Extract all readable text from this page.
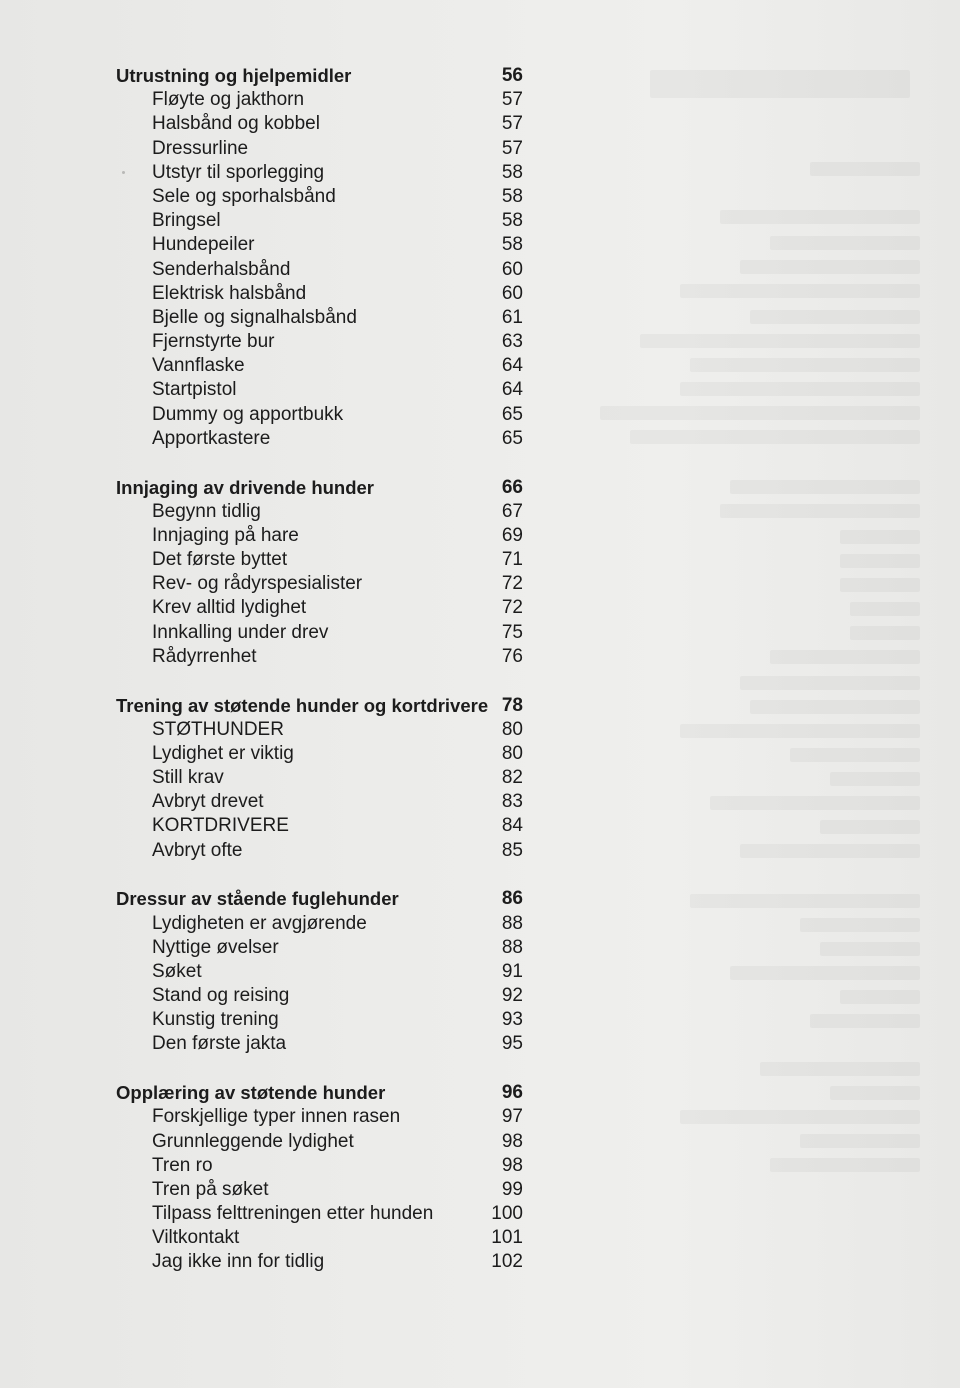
Utrustning og hjelpemidler	56
Fløyte og jakthorn	57
Halsbånd og kobbel	57
Dressurline	57
Utstyr til sporlegging	58
Sele og sporhalsbånd	58
Bringsel	58
Hundepeiler	58
Senderhalsbånd	60
Elektrisk halsbånd	60
Bjelle og signalhalsbånd	61
Fjernstyrte bur	63
Vannflaske	64
Startpistol	64
Dummy og apportbukk	65
Apportkastere	65
Innjaging av drivende hunder	66
Begynn tidlig	67
Innjaging på hare	69
Det første byttet	71
Rev- og rådyrspesialister	72
Krev alltid lydighet	72
Innkalling under drev	75
Rådyrrenhet	76
Trening av støtende hunder og kortdrivere 78
STØTHUNDER	80
Lydighet er viktig	80
Still krav	82
Avbryt drevet	83
KORTDRIVERE	84
Avbryt ofte	85
Dressur av stående fuglehunder	86
Lydigheten er avgjørende	88
Nyttige øvelser	88
Søket	91
Stand og reising	92
Kunstig trening	93
Den første jakta	95
Opplæring av støtende hunder	96
Forskjellige typer innen rasen	97
Grunnleggende lydighet	98
Tren ro	98
Tren på søket	99
Tilpass felttreningen etter hunden	100
Viltkontakt	101
Jag ikke inn for tidlig	102
